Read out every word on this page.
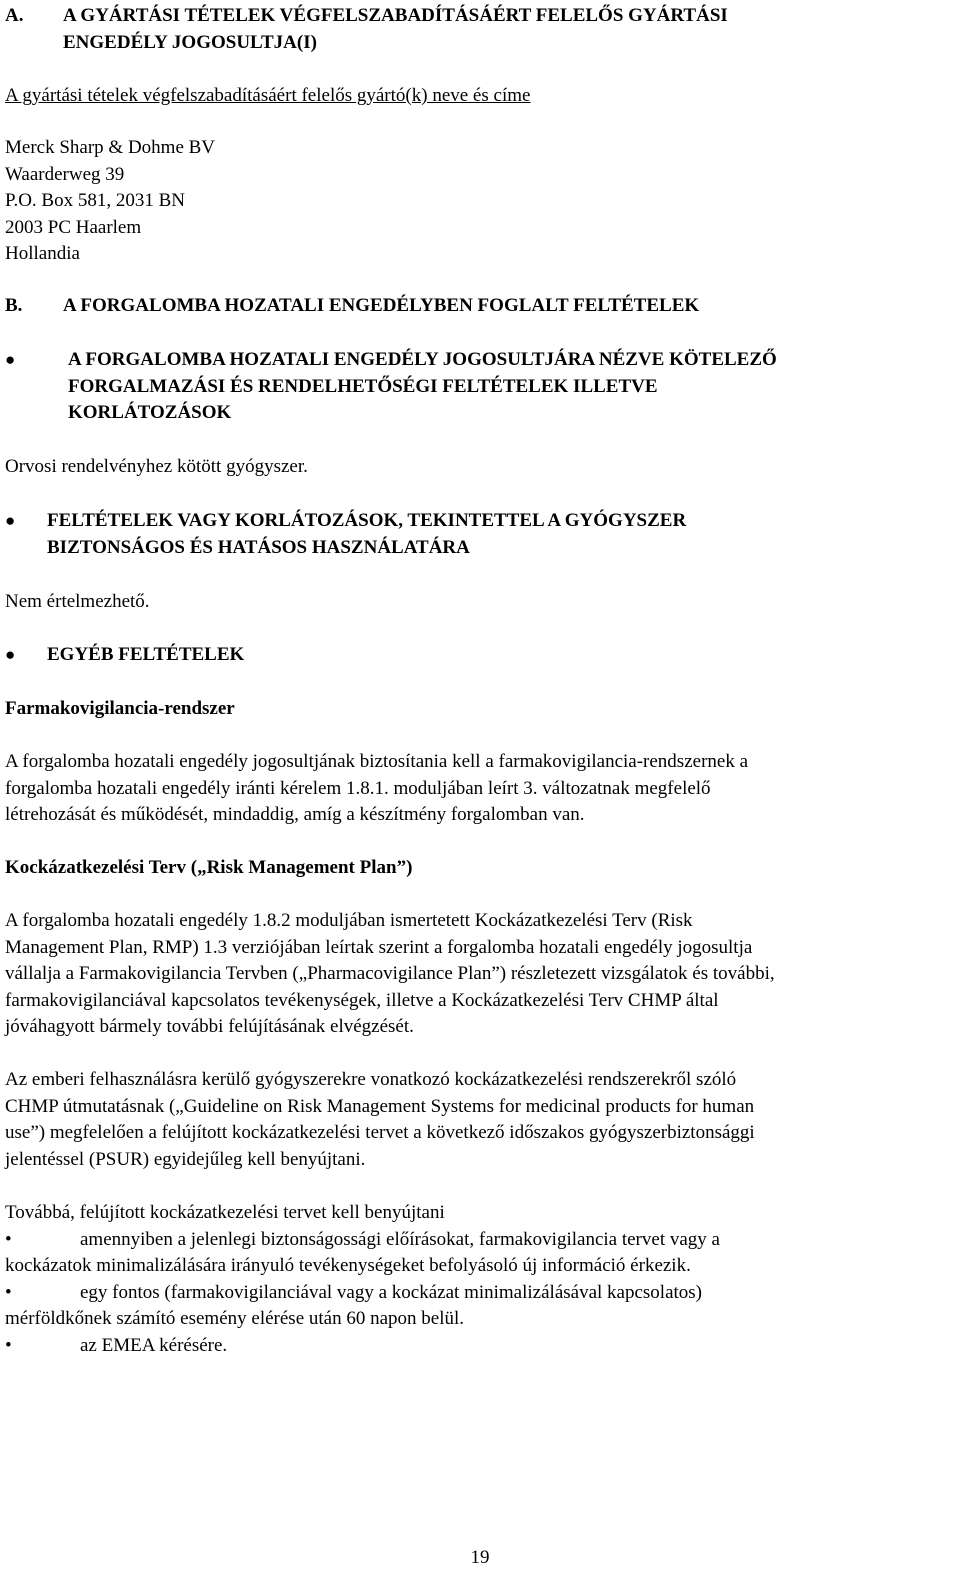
A. A GYÁRTÁSI TÉTELEK VÉGFELSZABADÍTÁSÁÉRT FELELŐS GYÁRTÁSI
ENGEDÉLY JOGOSULTJA(I)

A gyártási tételek végfelszabadításáért felelős gyártó(k) neve és címe

Merck Sharp & Dohme BV

Waarderweg 39

P.O. Box 581, 2031 BN

2003 PC Haarlem

Hollandia

B. A FORGALOMBA HOZATALI ENGEDÉLYBEN FOGLALT FELTÉTELEK
●	A FORGALOMBA HOZATALI ENGEDÉLY JOGOSULTJÁRA NÉZVE KÖTELEZŐ

FORGALMAZÁSI ÉS RENDELHETŐSÉGI FELTÉTELEK ILLETVE

KORLÁTOZÁSOK

Orvosi rendelvényhez kötött gyógyszer.

● FELTÉTELEK VAGY KORLÁTOZÁSOK, TEKINTETTEL A GYÓGYSZER

BIZTONSÁGOS ÉS HATÁSOS HASZNÁLATÁRA

Nem értelmezhető.

● EGYÉB FELTÉTELEK

Farmakovigilancia-rendszer

A forgalomba hozatali engedély jogosultjának biztosítania kell a farmakovigilancia-rendszernek a

forgalomba hozatali engedély iránti kérelem 1.8.1. moduljában leírt 3. változatnak megfelelő

létrehozását és működését, mindaddig, amíg a készítmény forgalomban van.

Kockázatkezelési Terv („Risk Management Plan”)

A forgalomba hozatali engedély 1.8.2 moduljában ismertetett Kockázatkezelési Terv (Risk

Management Plan, RMP) 1.3 verziójában leírtak szerint a forgalomba hozatali engedély jogosultja

vállalja a Farmakovigilancia Tervben („Pharmacovigilance Plan”) részletezett vizsgálatok és további,

farmakovigilanciával kapcsolatos tevékenységek, illetve a Kockázatkezelési Terv CHMP által

jóváhagyott bármely további felújításának elvégzését.

Az emberi felhasználásra kerülő gyógyszerekre vonatkozó kockázatkezelési rendszerekről szóló

CHMP útmutatásnak („Guideline on Risk Management Systems for medicinal products for human

use”) megfelelően a felújított kockázatkezelési tervet a következő időszakos gyógyszerbiztonsággi

jelentéssel (PSUR) egyidejűleg kell benyújtani.

Továbbá, felújított kockázatkezelési tervet kell benyújtani

•	amennyiben a jelenlegi biztonságossági előírásokat, farmakovigilancia tervet vagy a

kockázatok minimalizálására irányuló tevékenységeket befolyásoló új információ érkezik.

•	egy fontos (farmakovigilanciával vagy a kockázat minimalizálásával kapcsolatos)

mérföldkőnek számító esemény elérése után 60 napon belül.

•	az EMEA kérésére.
19
